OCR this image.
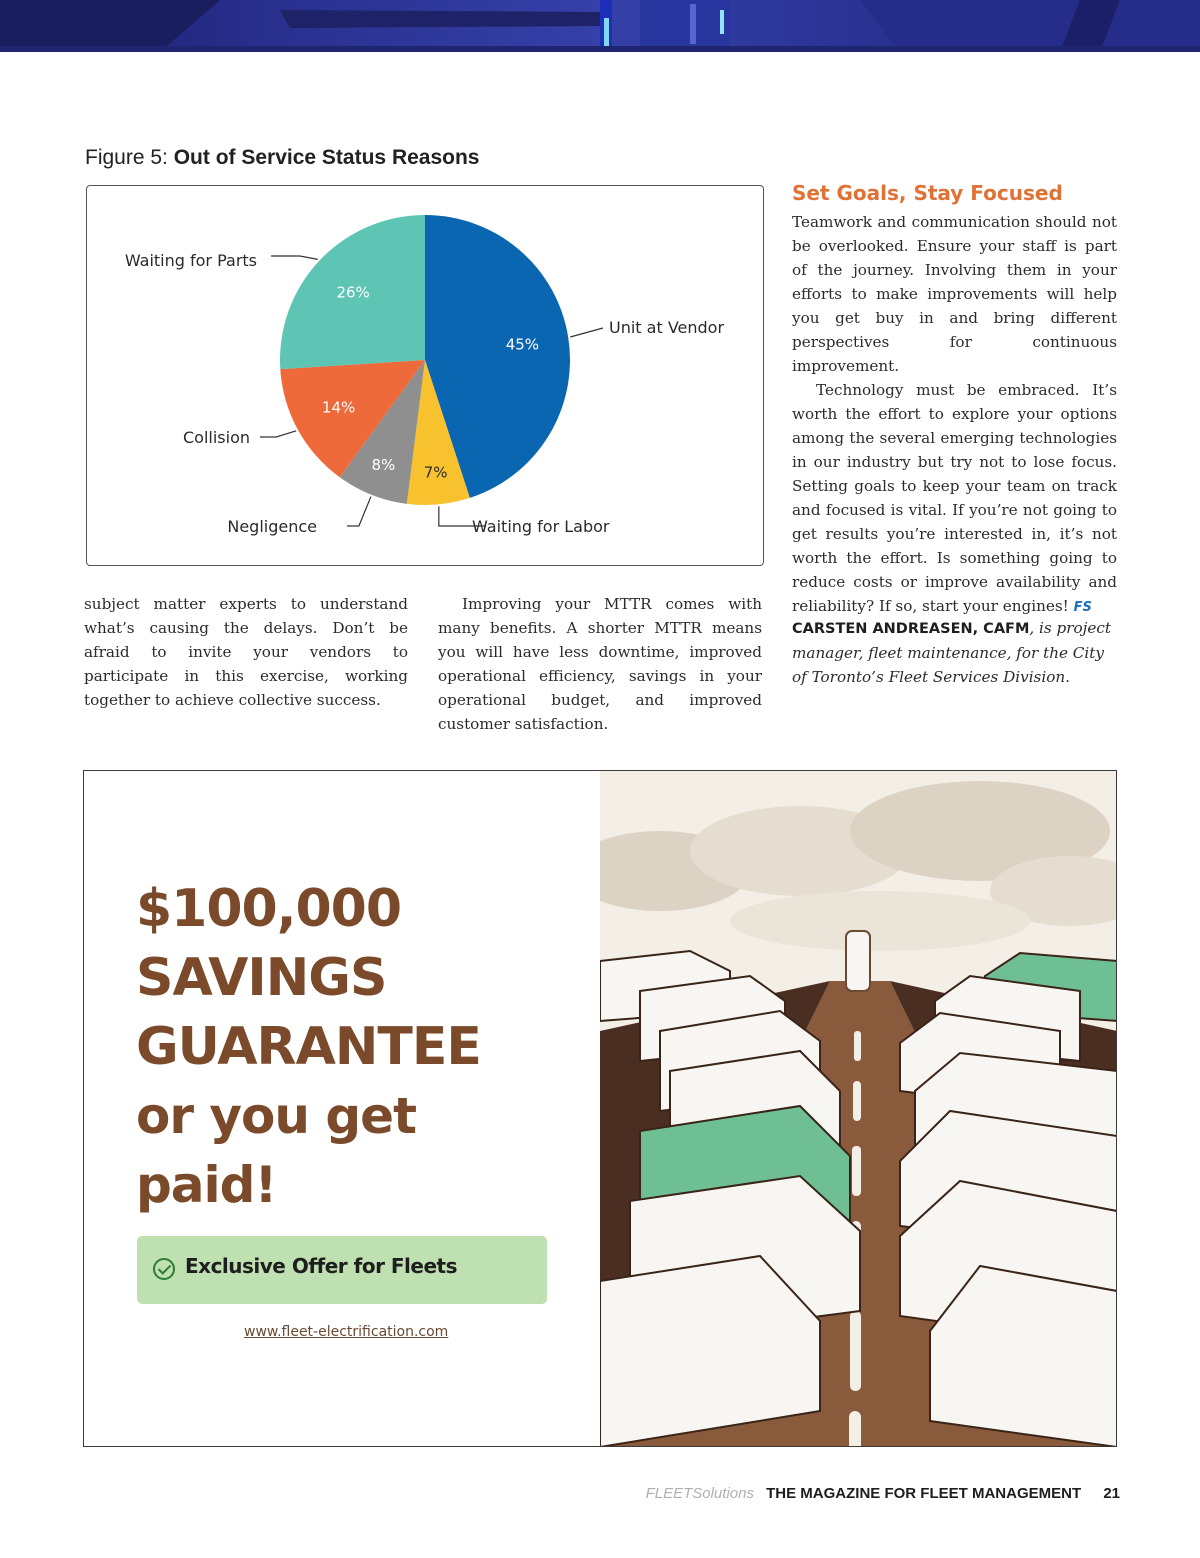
Figure 5: Out of Service Status Reasons
45%
Unit at Vendor
7%
Waiting for Labor
8%
Negligence
14%
Collision
26%
Waiting for Parts

subject matter experts to understand what’s causing the delays. Don’t be afraid to invite your vendors to participate in this exercise, working together to achieve collective success.

Improving your MTTR comes with many benefits. A shorter MTTR means you will have less downtime, improved operational efficiency, savings in your operational budget, and improved customer satisfaction.

Set Goals, Stay Focused

Teamwork and communication should not be overlooked. Ensure your staff is part of the journey. Involving them in your efforts to make improvements will help you get buy in and bring different perspectives for continuous improvement.

Technology must be embraced. It’s worth the effort to explore your options among the several emerging technologies in our industry but try not to lose focus. Setting goals to keep your team on track and focused is vital. If you’re not going to get results you’re interested in, it’s not worth the effort. Is something going to reduce costs or improve availability and reliability? If so, start your engines! FS

CARSTEN ANDREASEN, CAFM, is project manager, fleet maintenance, for the City of Toronto’s Fleet Services Division.
$100,000
SAVINGS
GUARANTEE
or you get
paid!
Exclusive Offer for Fleets
www.fleet-electrification.com
FLEETSolutions THE MAGAZINE FOR FLEET MANAGEMENT 21
